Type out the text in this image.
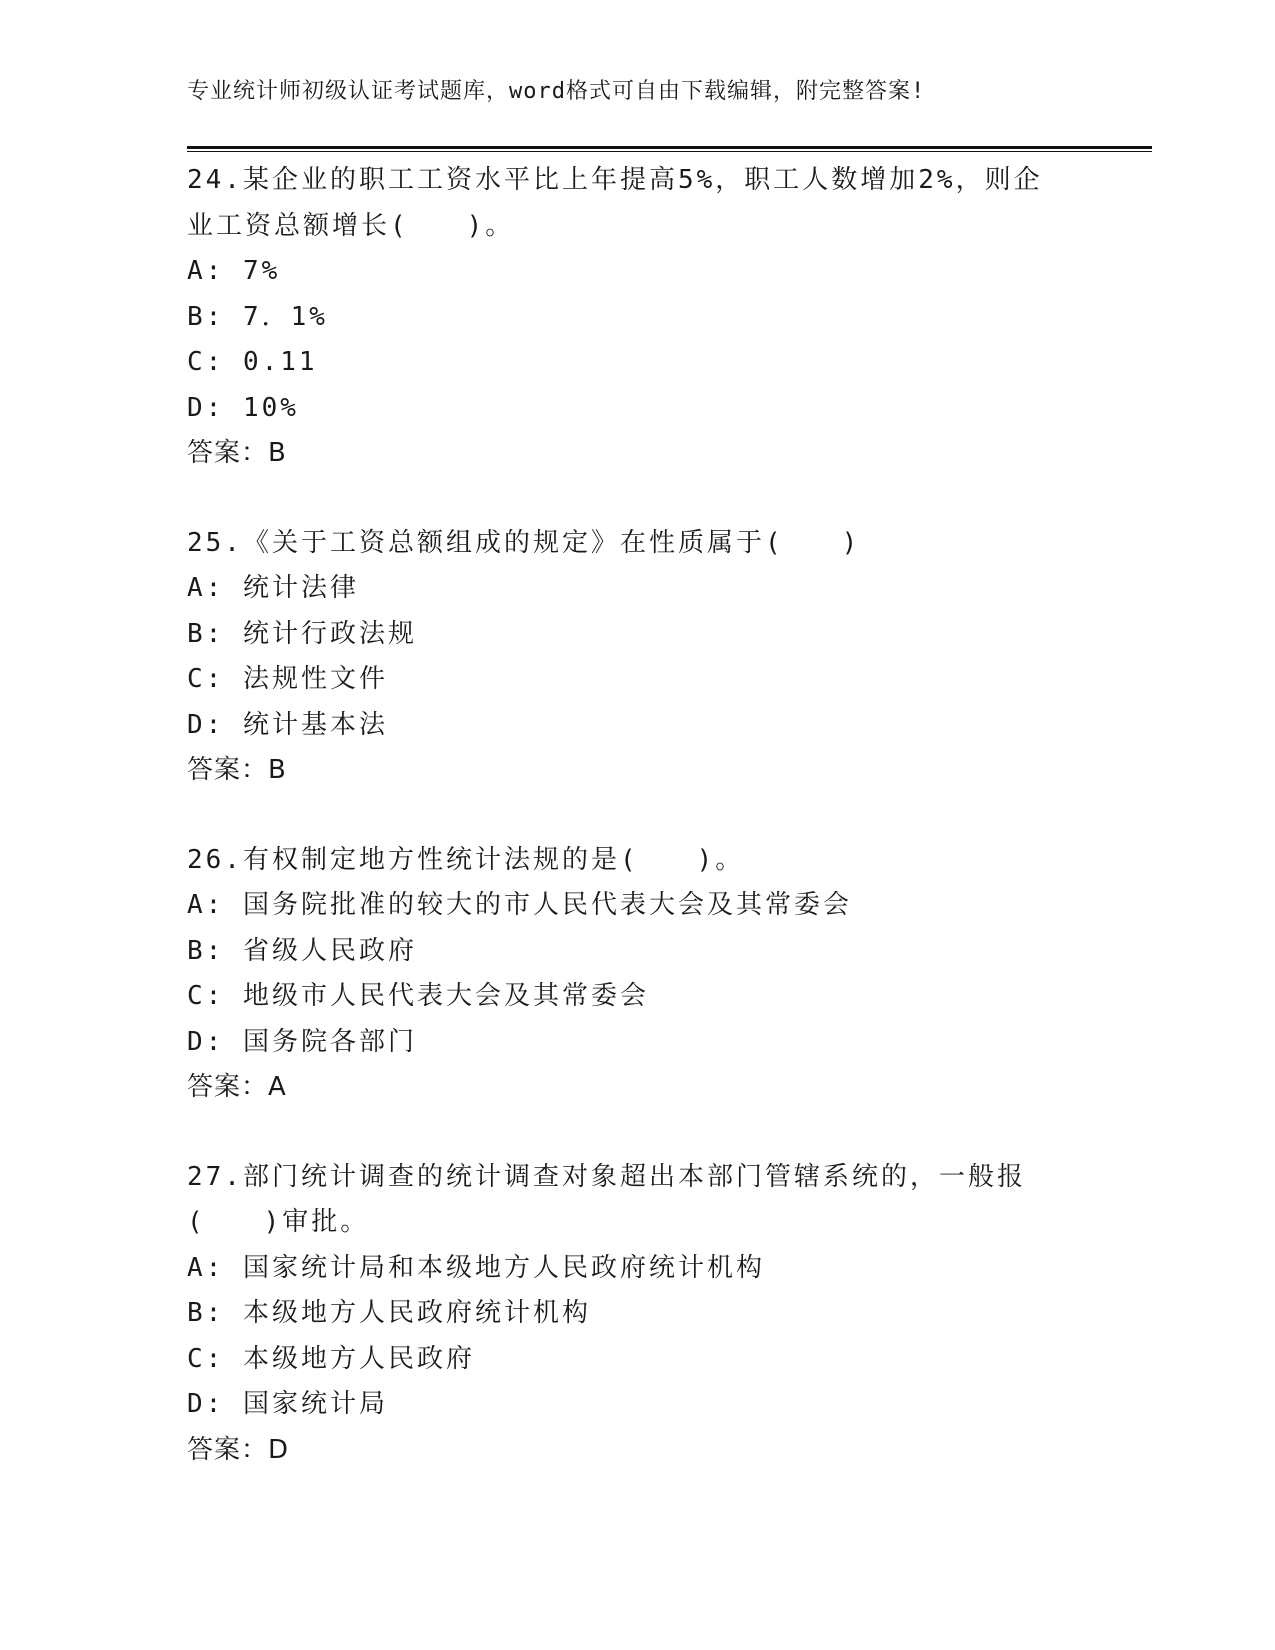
专业统计师初级认证考试题库，word格式可自由下载编辑，附完整答案!
24.某企业的职工工资水平比上年提高5%，职工人数增加2%，则企
业工资总额增长(　　)。
A: 7%
B: 7．1%
C: 0.11
D: 10%
答案：B
25.《关于工资总额组成的规定》在性质属于(　　)
A: 统计法律
B: 统计行政法规
C: 法规性文件
D: 统计基本法
答案：B
26.有权制定地方性统计法规的是(　　)。
A: 国务院批准的较大的市人民代表大会及其常委会
B: 省级人民政府
C: 地级市人民代表大会及其常委会
D: 国务院各部门
答案：A
27.部门统计调查的统计调查对象超出本部门管辖系统的，一般报
(　　)审批。
A: 国家统计局和本级地方人民政府统计机构
B: 本级地方人民政府统计机构
C: 本级地方人民政府
D: 国家统计局
答案：D
